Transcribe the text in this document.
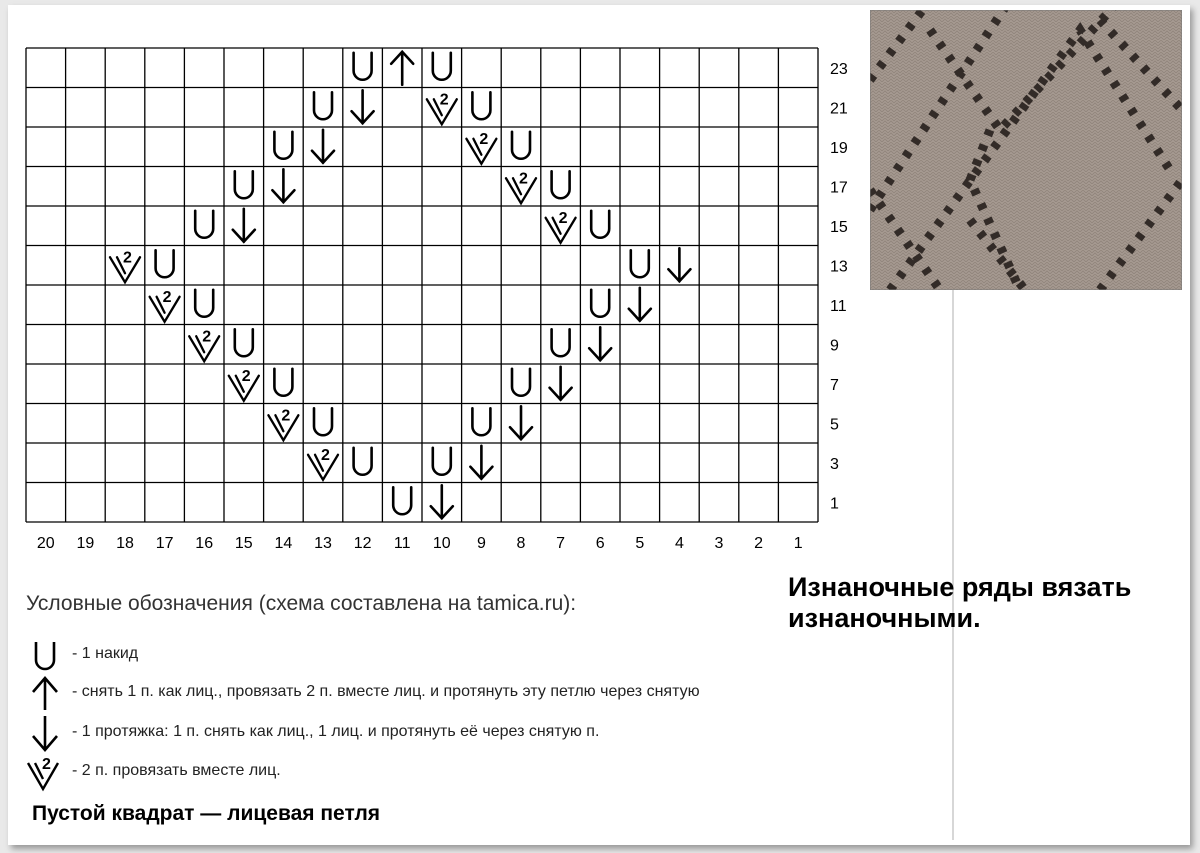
1
3
5
7
9
11
13
15
17
19
21
23
20 19 18 17 16 15 14 13 12 11 10 9 8 7 6 5 4 3 2 1
2
2
2
2
2
2
2
2
2
2
Изнаночные ряды вязать изнаночными.
Условные обозначения (схема составлена на tamica.ru):
- 1 накид
- снять 1 п. как лиц., провязать 2 п. вместе лиц. и протянуть эту петлю через снятую
- 1 протяжка: 1 п. снять как лиц., 1 лиц. и протянуть её через снятую п.
2 - 2 п. провязать вместе лиц.
Пустой квадрат — лицевая петля
